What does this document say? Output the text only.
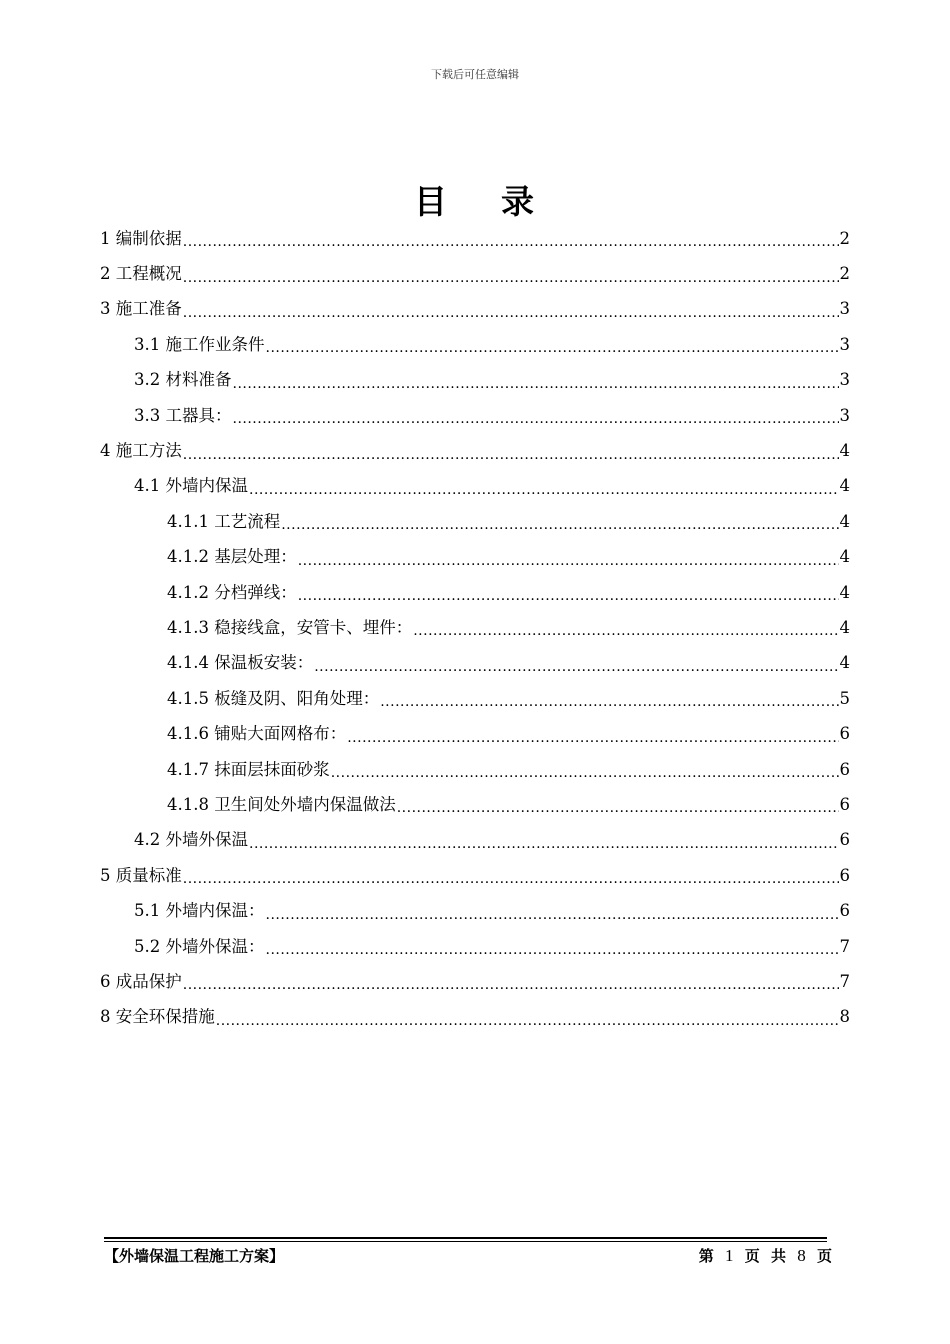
下载后可任意编辑
目 录
1 编制依据 .....	2
2 工程概况 .....	2
3 施工准备 .....	3
3.1 施工作业条件 .....	3
3.2 材料准备 .....	3
3.3 工器具： .....	3
4 施工方法 .....	4
4.1 外墙内保温 .....	4
4.1.1 工艺流程 .....	4
4.1.2 基层处理： .....	4
4.1.2 分档弹线： .....	4
4.1.3 稳接线盒，安管卡、埋件： .....	4
4.1.4 保温板安装： .....	4
4.1.5 板缝及阴、阳角处理： .....	5
4.1.6 铺贴大面网格布： .....	6
4.1.7 抹面层抹面砂浆 .....	6
4.1.8 卫生间处外墙内保温做法 .....	6
4.2 外墙外保温 .....	6
5 质量标准 .....	6
5.1 外墙内保温： .....	6
5.2 外墙外保温： .....	7
6 成品保护 .....	7
8 安全环保措施 .....	8
【外墙保温工程施工方案】	第 1 页 共 8 页
